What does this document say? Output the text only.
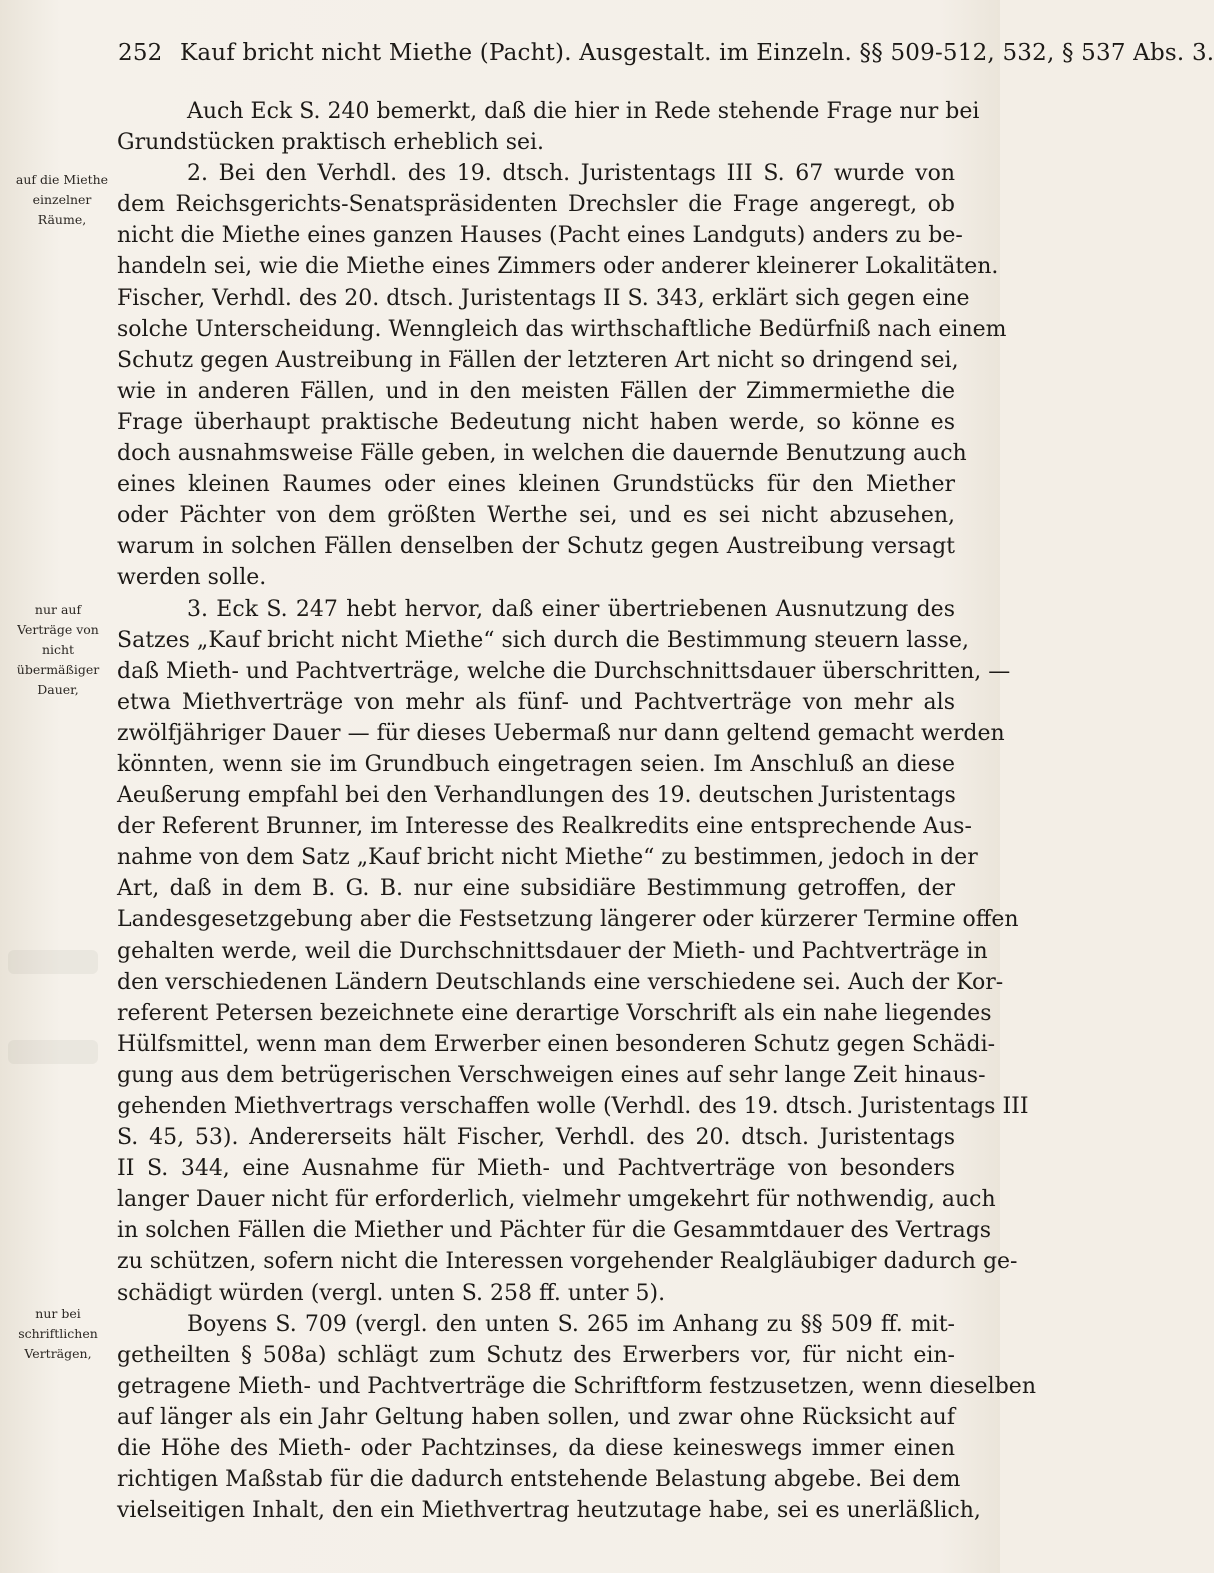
252 Kauf bricht nicht Miethe (Pacht). Ausgestalt. im Einzeln. §§ 509-512, 532, § 537 Abs. 3.
auf die Miethe
einzelner
Räume,
nur auf
Verträge von
nicht
übermäßiger
Dauer,
nur bei
schriftlichen
Verträgen,
Auch Eck S. 240 bemerkt, daß die hier in Rede stehende Frage nur bei
Grundstücken praktisch erheblich sei.
2. Bei den Verhdl. des 19. dtsch. Juristentags III S. 67 wurde von
dem Reichsgerichts-Senatspräsidenten Drechsler die Frage angeregt, ob
nicht die Miethe eines ganzen Hauses (Pacht eines Landguts) anders zu be-
handeln sei, wie die Miethe eines Zimmers oder anderer kleinerer Lokalitäten.
Fischer, Verhdl. des 20. dtsch. Juristentags II S. 343, erklärt sich gegen eine
solche Unterscheidung. Wenngleich das wirthschaftliche Bedürfniß nach einem
Schutz gegen Austreibung in Fällen der letzteren Art nicht so dringend sei,
wie in anderen Fällen, und in den meisten Fällen der Zimmermiethe die
Frage überhaupt praktische Bedeutung nicht haben werde, so könne es
doch ausnahmsweise Fälle geben, in welchen die dauernde Benutzung auch
eines kleinen Raumes oder eines kleinen Grundstücks für den Miether
oder Pächter von dem größten Werthe sei, und es sei nicht abzusehen,
warum in solchen Fällen denselben der Schutz gegen Austreibung versagt
werden solle.
3. Eck S. 247 hebt hervor, daß einer übertriebenen Ausnutzung des
Satzes „Kauf bricht nicht Miethe“ sich durch die Bestimmung steuern lasse,
daß Mieth- und Pachtverträge, welche die Durchschnittsdauer überschritten, —
etwa Miethverträge von mehr als fünf- und Pachtverträge von mehr als
zwölfjähriger Dauer — für dieses Uebermaß nur dann geltend gemacht werden
könnten, wenn sie im Grundbuch eingetragen seien. Im Anschluß an diese
Aeußerung empfahl bei den Verhandlungen des 19. deutschen Juristentags
der Referent Brunner, im Interesse des Realkredits eine entsprechende Aus-
nahme von dem Satz „Kauf bricht nicht Miethe“ zu bestimmen, jedoch in der
Art, daß in dem B. G. B. nur eine subsidiäre Bestimmung getroffen, der
Landesgesetzgebung aber die Festsetzung längerer oder kürzerer Termine offen
gehalten werde, weil die Durchschnittsdauer der Mieth- und Pachtverträge in
den verschiedenen Ländern Deutschlands eine verschiedene sei. Auch der Kor-
referent Petersen bezeichnete eine derartige Vorschrift als ein nahe liegendes
Hülfsmittel, wenn man dem Erwerber einen besonderen Schutz gegen Schädi-
gung aus dem betrügerischen Verschweigen eines auf sehr lange Zeit hinaus-
gehenden Miethvertrags verschaffen wolle (Verhdl. des 19. dtsch. Juristentags III
S. 45, 53). Andererseits hält Fischer, Verhdl. des 20. dtsch. Juristentags
II S. 344, eine Ausnahme für Mieth- und Pachtverträge von besonders
langer Dauer nicht für erforderlich, vielmehr umgekehrt für nothwendig, auch
in solchen Fällen die Miether und Pächter für die Gesammtdauer des Vertrags
zu schützen, sofern nicht die Interessen vorgehender Realgläubiger dadurch ge-
schädigt würden (vergl. unten S. 258 ff. unter 5).
Boyens S. 709 (vergl. den unten S. 265 im Anhang zu §§ 509 ff. mit-
getheilten § 508a) schlägt zum Schutz des Erwerbers vor, für nicht ein-
getragene Mieth- und Pachtverträge die Schriftform festzusetzen, wenn dieselben
auf länger als ein Jahr Geltung haben sollen, und zwar ohne Rücksicht auf
die Höhe des Mieth- oder Pachtzinses, da diese keineswegs immer einen
richtigen Maßstab für die dadurch entstehende Belastung abgebe. Bei dem
vielseitigen Inhalt, den ein Miethvertrag heutzutage habe, sei es unerläßlich,
